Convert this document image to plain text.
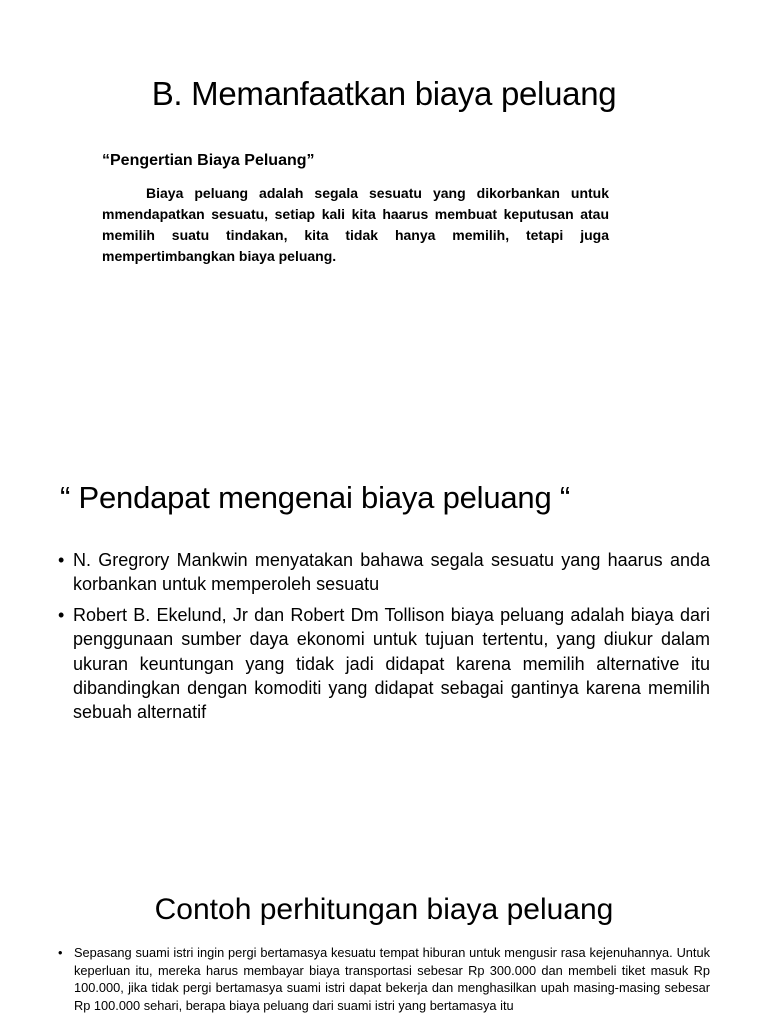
B. Memanfaatkan biaya peluang
“Pengertian Biaya Peluang”
Biaya peluang adalah segala sesuatu yang dikorbankan untuk mmendapatkan sesuatu, setiap kali kita haarus membuat keputusan atau memilih suatu tindakan, kita tidak hanya memilih, tetapi juga mempertimbangkan biaya peluang.
“ Pendapat mengenai biaya peluang “
• N. Gregrory Mankwin menyatakan bahawa segala sesuatu yang haarus anda korbankan untuk memperoleh sesuatu
• Robert B. Ekelund, Jr dan Robert Dm Tollison biaya peluang adalah biaya dari penggunaan sumber daya ekonomi untuk tujuan tertentu, yang diukur dalam ukuran keuntungan yang tidak jadi didapat karena memilih alternative itu dibandingkan dengan komoditi yang didapat sebagai gantinya karena memilih sebuah alternatif
Contoh perhitungan biaya peluang
• Sepasang suami istri ingin pergi bertamasya kesuatu tempat hiburan untuk mengusir rasa kejenuhannya. Untuk keperluan itu, mereka harus membayar biaya transportasi sebesar Rp 300.000 dan membeli tiket masuk Rp 100.000, jika tidak pergi bertamasya suami istri dapat bekerja dan menghasilkan upah masing-masing sebesar Rp 100.000 sehari, berapa biaya peluang dari suami istri yang bertamasya itu
